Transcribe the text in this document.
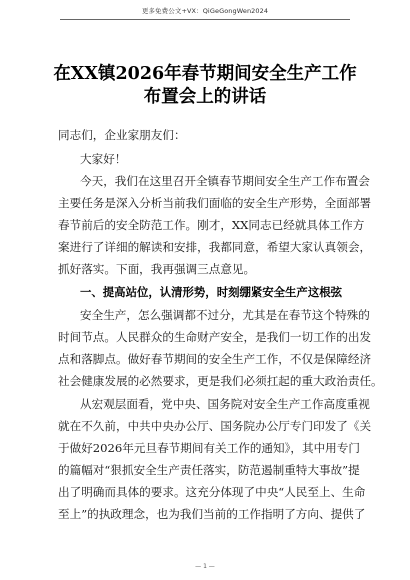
更多免费公文+VX：QiGeGongWen2024
在XX镇2026年春节期间安全生产工作
布置会上的讲话
同志们，企业家朋友们：
大家好！
今天，我们在这里召开全镇春节期间安全生产工作布置会
主要任务是深入分析当前我们面临的安全生产形势，全面部署
春节前后的安全防范工作。刚才，XX同志已经就具体工作方
案进行了详细的解读和安排，我都同意，希望大家认真领会，
抓好落实。下面，我再强调三点意见。
一、提高站位，认清形势，时刻绷紧安全生产这根弦
安全生产，怎么强调都不过分，尤其是在春节这个特殊的
时间节点。人民群众的生命财产安全，是我们一切工作的出发
点和落脚点。做好春节期间的安全生产工作，不仅是保障经济
社会健康发展的必然要求，更是我们必须扛起的重大政治责任。
从宏观层面看，党中央、国务院对安全生产工作高度重视
就在不久前，中共中央办公厅、国务院办公厅专门印发了《关
于做好2026年元旦春节期间有关工作的通知》，其中用专门
的篇幅对“狠抓安全生产责任落实，防范遏制重特大事故”提
出了明确而具体的要求。这充分体现了中央“人民至上、生命
至上”的执政理念，也为我们当前的工作指明了方向、提供了
— 1 —
